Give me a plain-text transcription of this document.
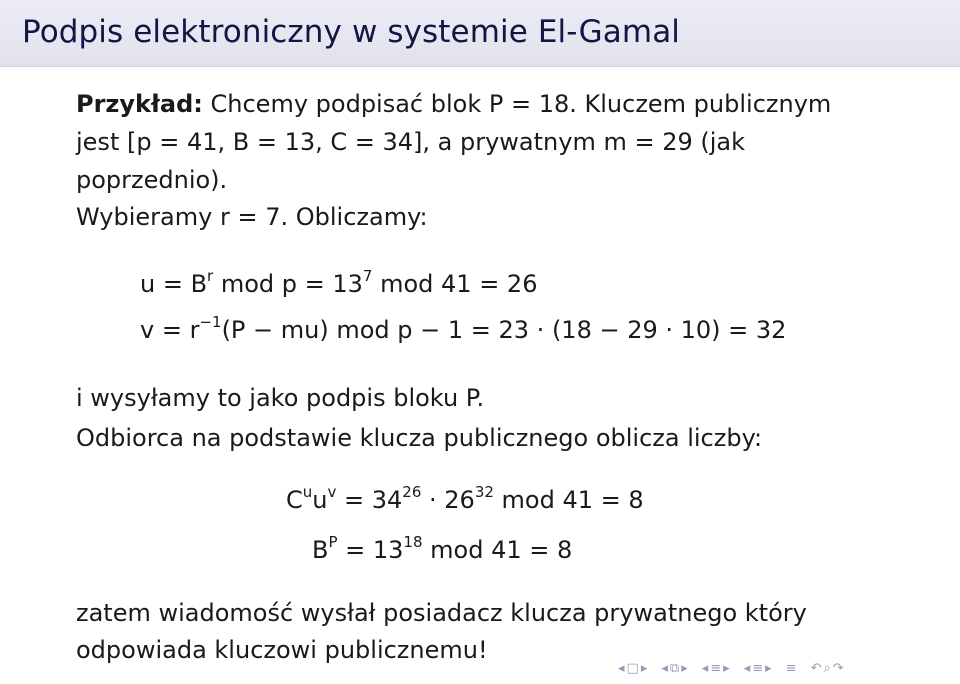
Podpis elektroniczny w systemie El-Gamal
Przykład: Chcemy podpisać blok P = 18. Kluczem publicznym
jest [p = 41, B = 13, C = 34], a prywatnym m = 29 (jak
poprzednio).
Wybieramy r = 7. Obliczamy:
$u = B^r$ mod $p = 13^7$ mod 41 = 26
$v = r^{-1}(P - mu)$ mod p − 1 = 23 · (18 − 29 · 10) = 32
i wysyłamy to jako podpis bloku P.
Odbiorca na podstawie klucza publicznego oblicza liczby:
$C^uu^v = 34^{26} \cdot 26^{32}$ mod 41 = 8
$B^P = 13^{18}$ mod 41 = 8
zatem wiadomość wysłał posiadacz klucza prywatnego który
odpowiada kluczowi publicznemu!
◂ □ ▸ ◂ ⧉ ▸ ◂ ≡ ▸ ◂ ≡ ▸ ≡ ↶ ⌕ ↷
